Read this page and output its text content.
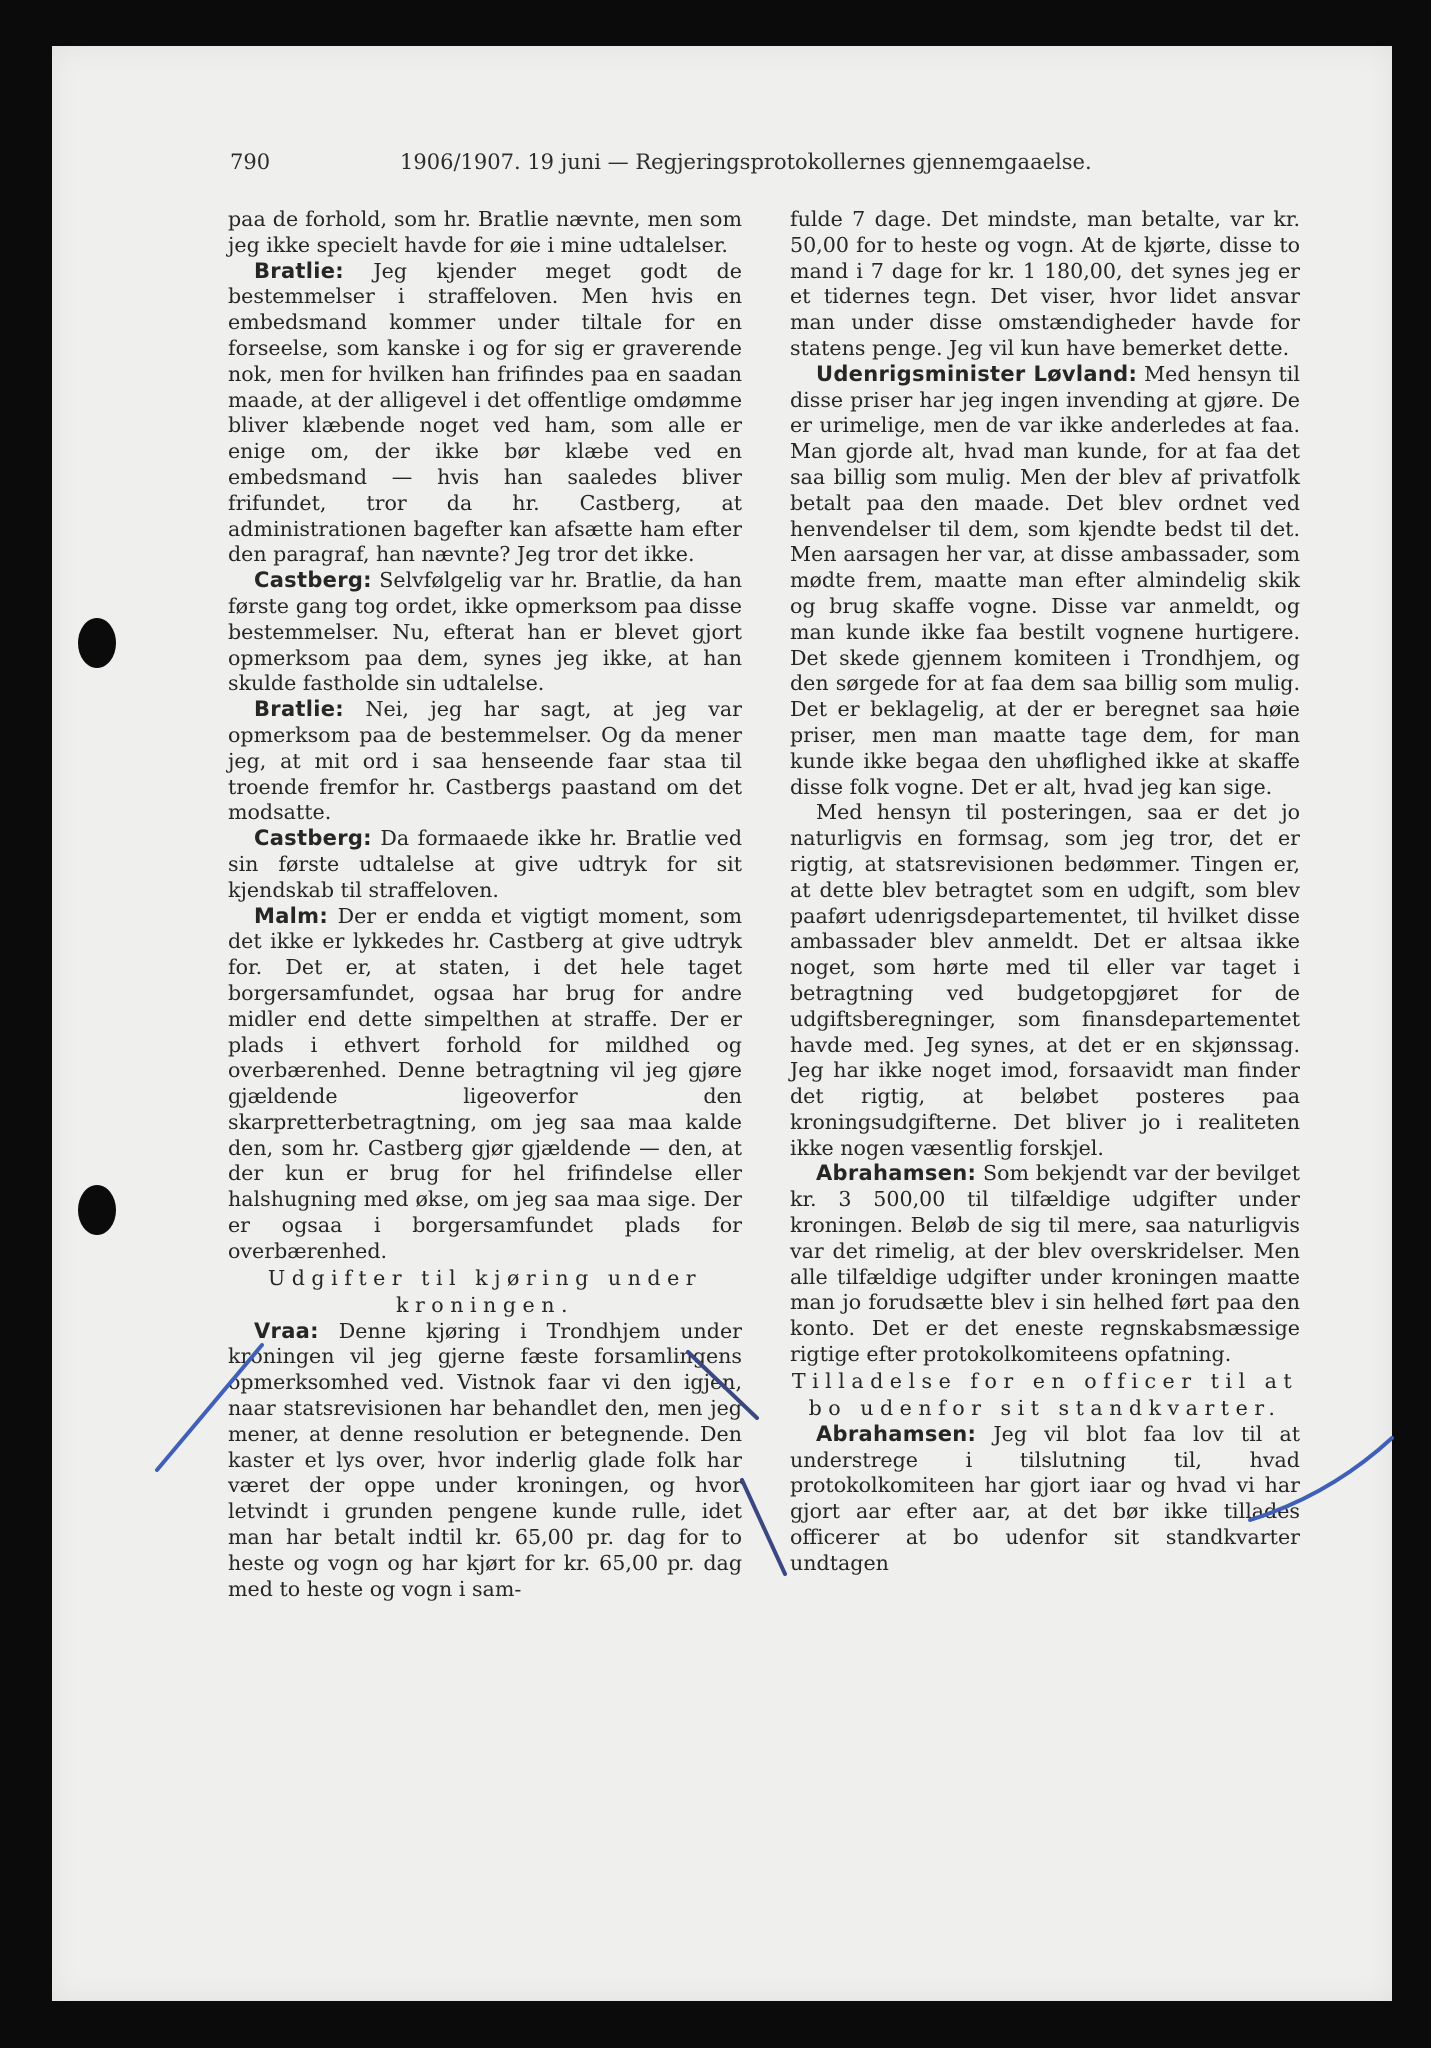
790	1906/1907. 19 juni — Regjeringsprotokollernes gjennemgaaelse.

paa de forhold, som hr. Bratlie nævnte, men som jeg ikke specielt havde for øie i mine udtalelser.

Bratlie: Jeg kjender meget godt de bestemmelser i straffeloven. Men hvis en embedsmand kommer under tiltale for en forseelse, som kanske i og for sig er graverende nok, men for hvilken han frifindes paa en saadan maade, at der alligevel i det offentlige omdømme bliver klæbende noget ved ham, som alle er enige om, der ikke bør klæbe ved en embedsmand — hvis han saaledes bliver frifundet, tror da hr. Castberg, at administrationen bagefter kan afsætte ham efter den paragraf, han nævnte? Jeg tror det ikke.

Castberg: Selvfølgelig var hr. Bratlie, da han første gang tog ordet, ikke opmerksom paa disse bestemmelser. Nu, efterat han er blevet gjort opmerksom paa dem, synes jeg ikke, at han skulde fastholde sin udtalelse.

Bratlie: Nei, jeg har sagt, at jeg var opmerksom paa de bestemmelser. Og da mener jeg, at mit ord i saa henseende faar staa til troende fremfor hr. Castbergs paastand om det modsatte.

Castberg: Da formaaede ikke hr. Bratlie ved sin første udtalelse at give udtryk for sit kjendskab til straffeloven.

Malm: Der er endda et vigtigt moment, som det ikke er lykkedes hr. Castberg at give udtryk for. Det er, at staten, i det hele taget borgersamfundet, ogsaa har brug for andre midler end dette simpelthen at straffe. Der er plads i ethvert forhold for mildhed og overbærenhed. Denne betragtning vil jeg gjøre gjældende ligeoverfor den skarpretterbetragtning, om jeg saa maa kalde den, som hr. Castberg gjør gjældende — den, at der kun er brug for hel frifindelse eller halshugning med økse, om jeg saa maa sige. Der er ogsaa i borgersamfundet plads for overbærenhed.

Udgifter til kjøring under kroningen.

Vraa: Denne kjøring i Trondhjem under kroningen vil jeg gjerne fæste forsamlingens opmerksomhed ved. Vistnok faar vi den igjen, naar statsrevisionen har behandlet den, men jeg mener, at denne resolution er betegnende. Den kaster et lys over, hvor inderlig glade folk har været der oppe under kroningen, og hvor letvindt i grunden pengene kunde rulle, idet man har betalt indtil kr. 65,00 pr. dag for to heste og vogn og har kjørt for kr. 65,00 pr. dag med to heste og vogn i sam-

fulde 7 dage. Det mindste, man betalte, var kr. 50,00 for to heste og vogn. At de kjørte, disse to mand i 7 dage for kr. 1 180,00, det synes jeg er et tidernes tegn. Det viser, hvor lidet ansvar man under disse omstændigheder havde for statens penge. Jeg vil kun have bemerket dette.

Udenrigsminister Løvland: Med hensyn til disse priser har jeg ingen invending at gjøre. De er urimelige, men de var ikke anderledes at faa. Man gjorde alt, hvad man kunde, for at faa det saa billig som mulig. Men der blev af privatfolk betalt paa den maade. Det blev ordnet ved henvendelser til dem, som kjendte bedst til det. Men aarsagen her var, at disse ambassader, som mødte frem, maatte man efter almindelig skik og brug skaffe vogne. Disse var anmeldt, og man kunde ikke faa bestilt vognene hurtigere. Det skede gjennem komiteen i Trondhjem, og den sørgede for at faa dem saa billig som mulig. Det er beklagelig, at der er beregnet saa høie priser, men man maatte tage dem, for man kunde ikke begaa den uhøflighed ikke at skaffe disse folk vogne. Det er alt, hvad jeg kan sige.

Med hensyn til posteringen, saa er det jo naturligvis en formsag, som jeg tror, det er rigtig, at statsrevisionen bedømmer. Tingen er, at dette blev betragtet som en udgift, som blev paaført udenrigsdepartementet, til hvilket disse ambassader blev anmeldt. Det er altsaa ikke noget, som hørte med til eller var taget i betragtning ved budgetopgjøret for de udgiftsberegninger, som finansdepartementet havde med. Jeg synes, at det er en skjønssag. Jeg har ikke noget imod, forsaavidt man finder det rigtig, at beløbet posteres paa kroningsudgifterne. Det bliver jo i realiteten ikke nogen væsentlig forskjel.

Abrahamsen: Som bekjendt var der bevilget kr. 3 500,00 til tilfældige udgifter under kroningen. Beløb de sig til mere, saa naturligvis var det rimelig, at der blev overskridelser. Men alle tilfældige udgifter under kroningen maatte man jo forudsætte blev i sin helhed ført paa den konto. Det er det eneste regnskabsmæssige rigtige efter protokolkomiteens opfatning.

Tilladelse for en officer til at bo udenfor sit standkvarter.

Abrahamsen: Jeg vil blot faa lov til at understrege i tilslutning til, hvad protokolkomiteen har gjort iaar og hvad vi har gjort aar efter aar, at det bør ikke tillades officerer at bo udenfor sit standkvarter undtagen
